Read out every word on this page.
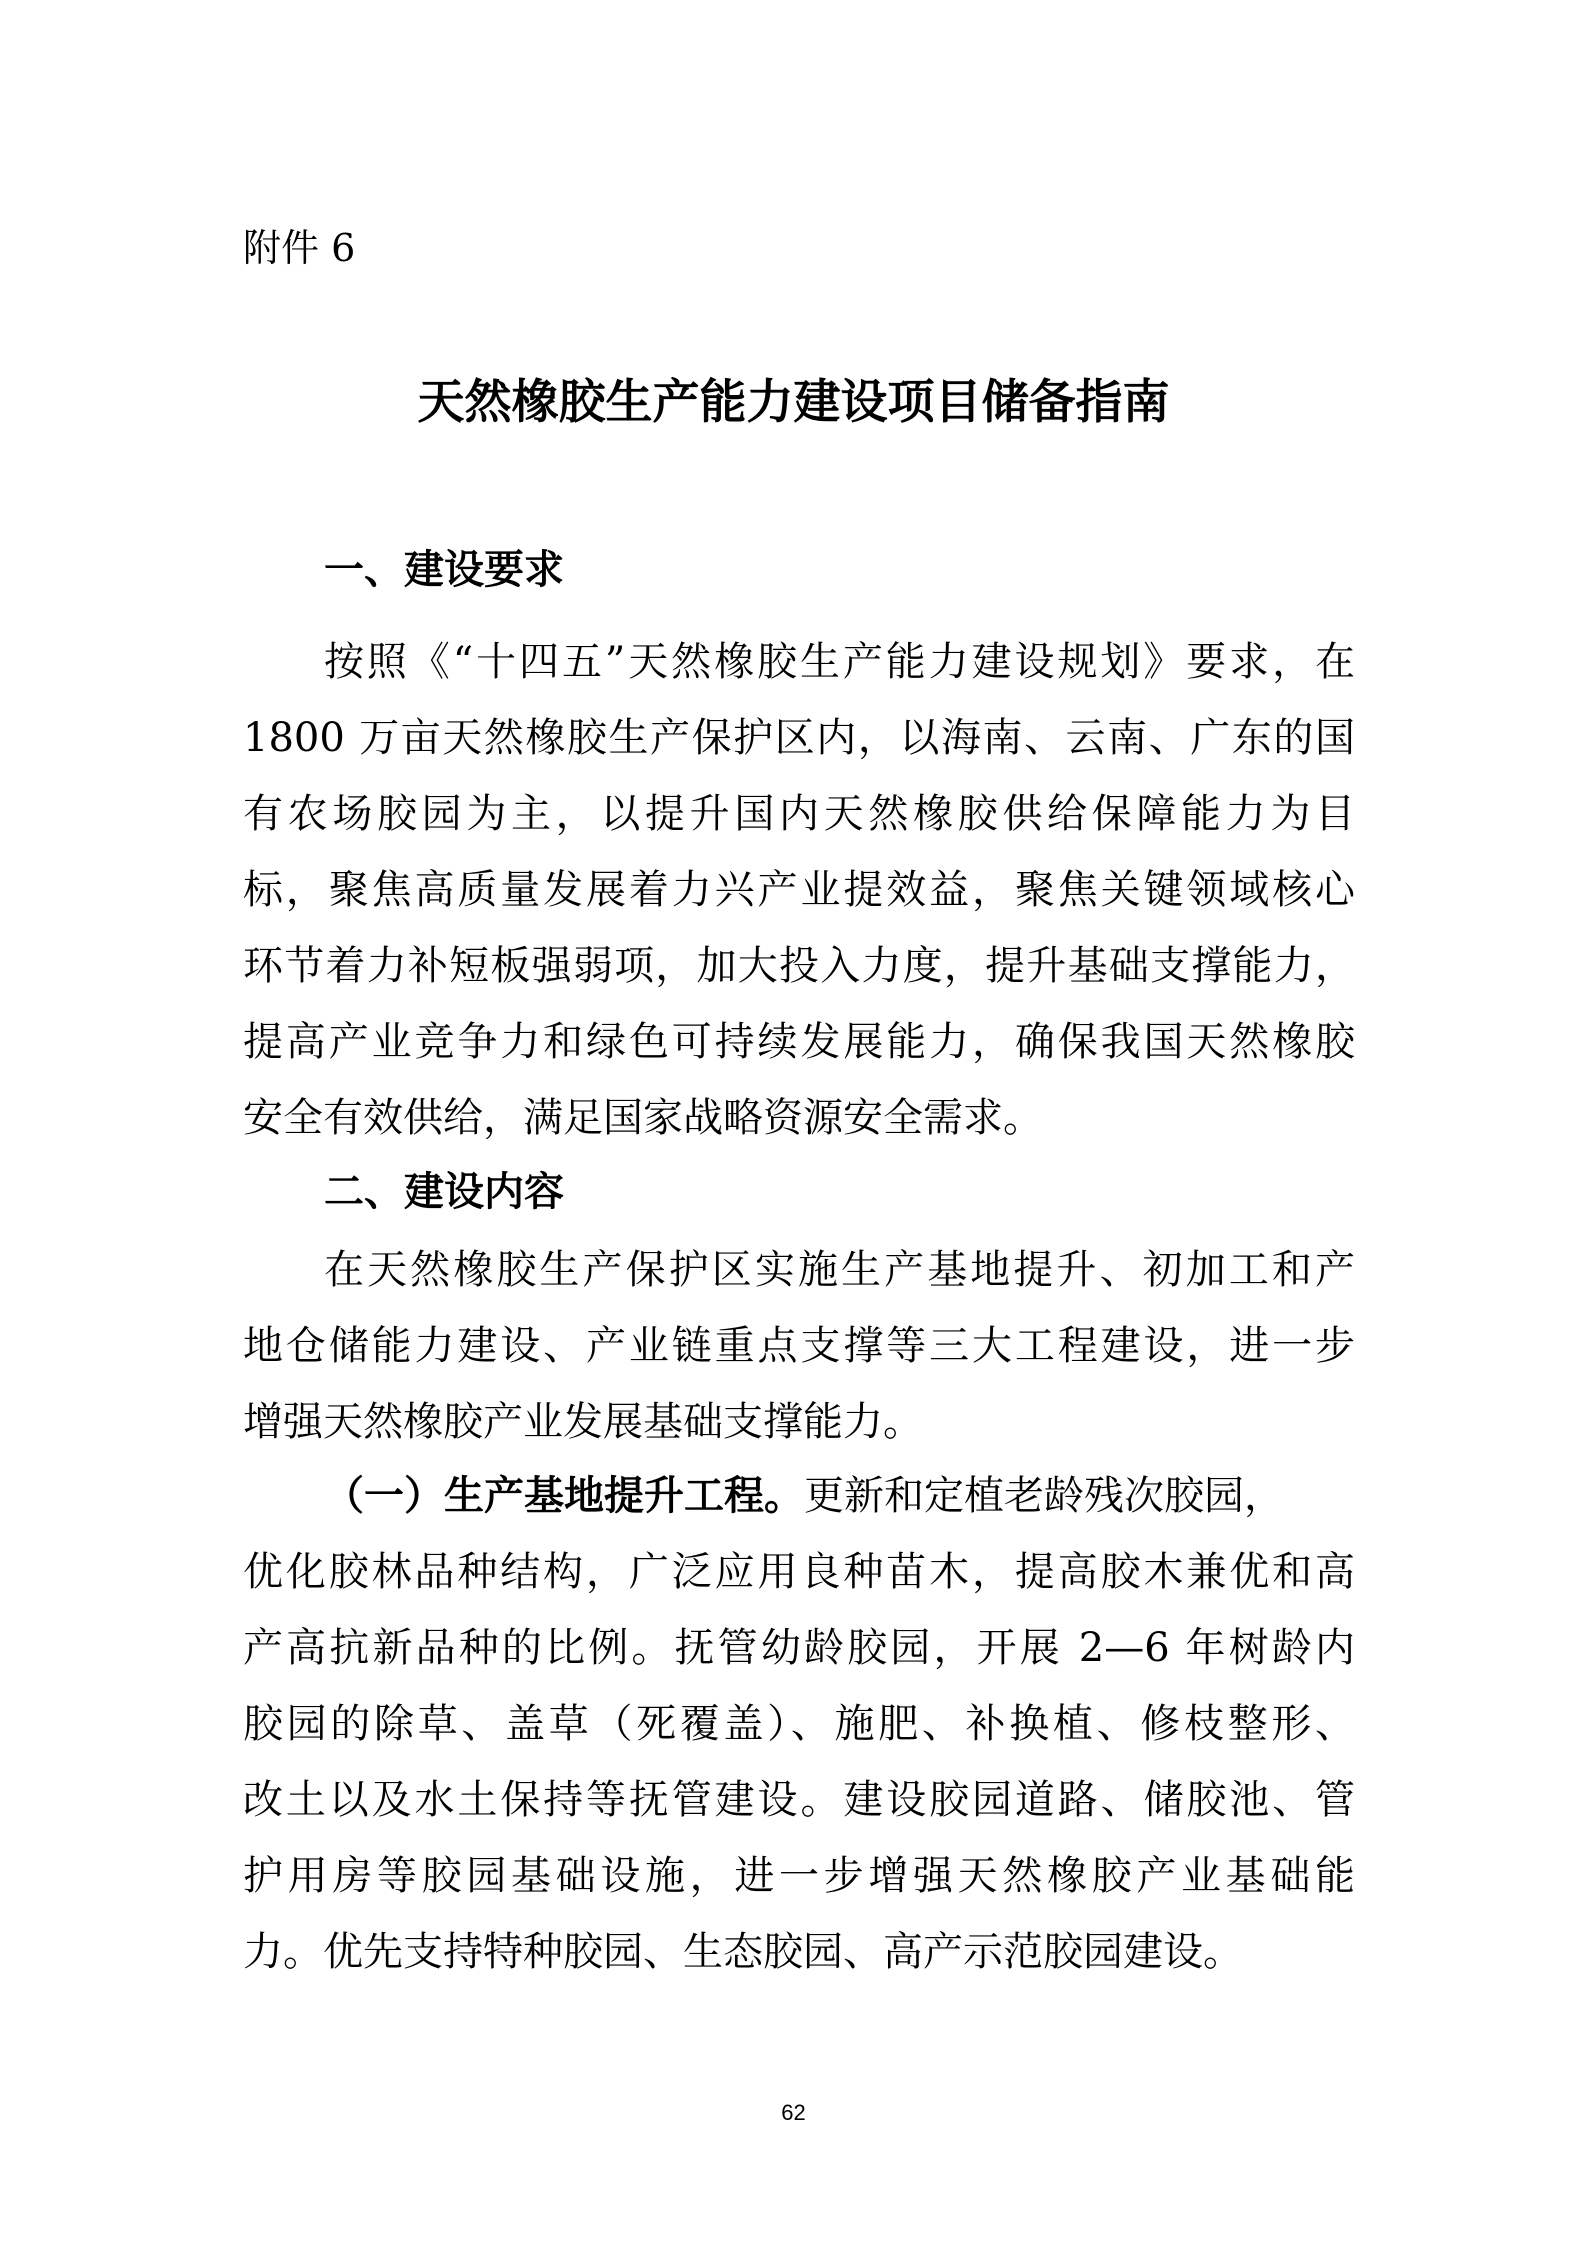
附件 6
天然橡胶生产能力建设项目储备指南
一、建设要求
按照《“十四五”天然橡胶生产能力建设规划》要求，在
1800 万亩天然橡胶生产保护区内，以海南、云南、广东的国
有农场胶园为主，以提升国内天然橡胶供给保障能力为目
标，聚焦高质量发展着力兴产业提效益，聚焦关键领域核心
环节着力补短板强弱项，加大投入力度，提升基础支撑能力，
提高产业竞争力和绿色可持续发展能力，确保我国天然橡胶
安全有效供给，满足国家战略资源安全需求。
二、建设内容
在天然橡胶生产保护区实施生产基地提升、初加工和产
地仓储能力建设、产业链重点支撑等三大工程建设，进一步
增强天然橡胶产业发展基础支撑能力。
（一）生产基地提升工程。更新和定植老龄残次胶园，
优化胶林品种结构，广泛应用良种苗木，提高胶木兼优和高
产高抗新品种的比例。抚管幼龄胶园，开展 2—6 年树龄内
胶园的除草、盖草（死覆盖）、施肥、补换植、修枝整形、
改土以及水土保持等抚管建设。建设胶园道路、储胶池、管
护用房等胶园基础设施，进一步增强天然橡胶产业基础能
力。优先支持特种胶园、生态胶园、高产示范胶园建设。
62
